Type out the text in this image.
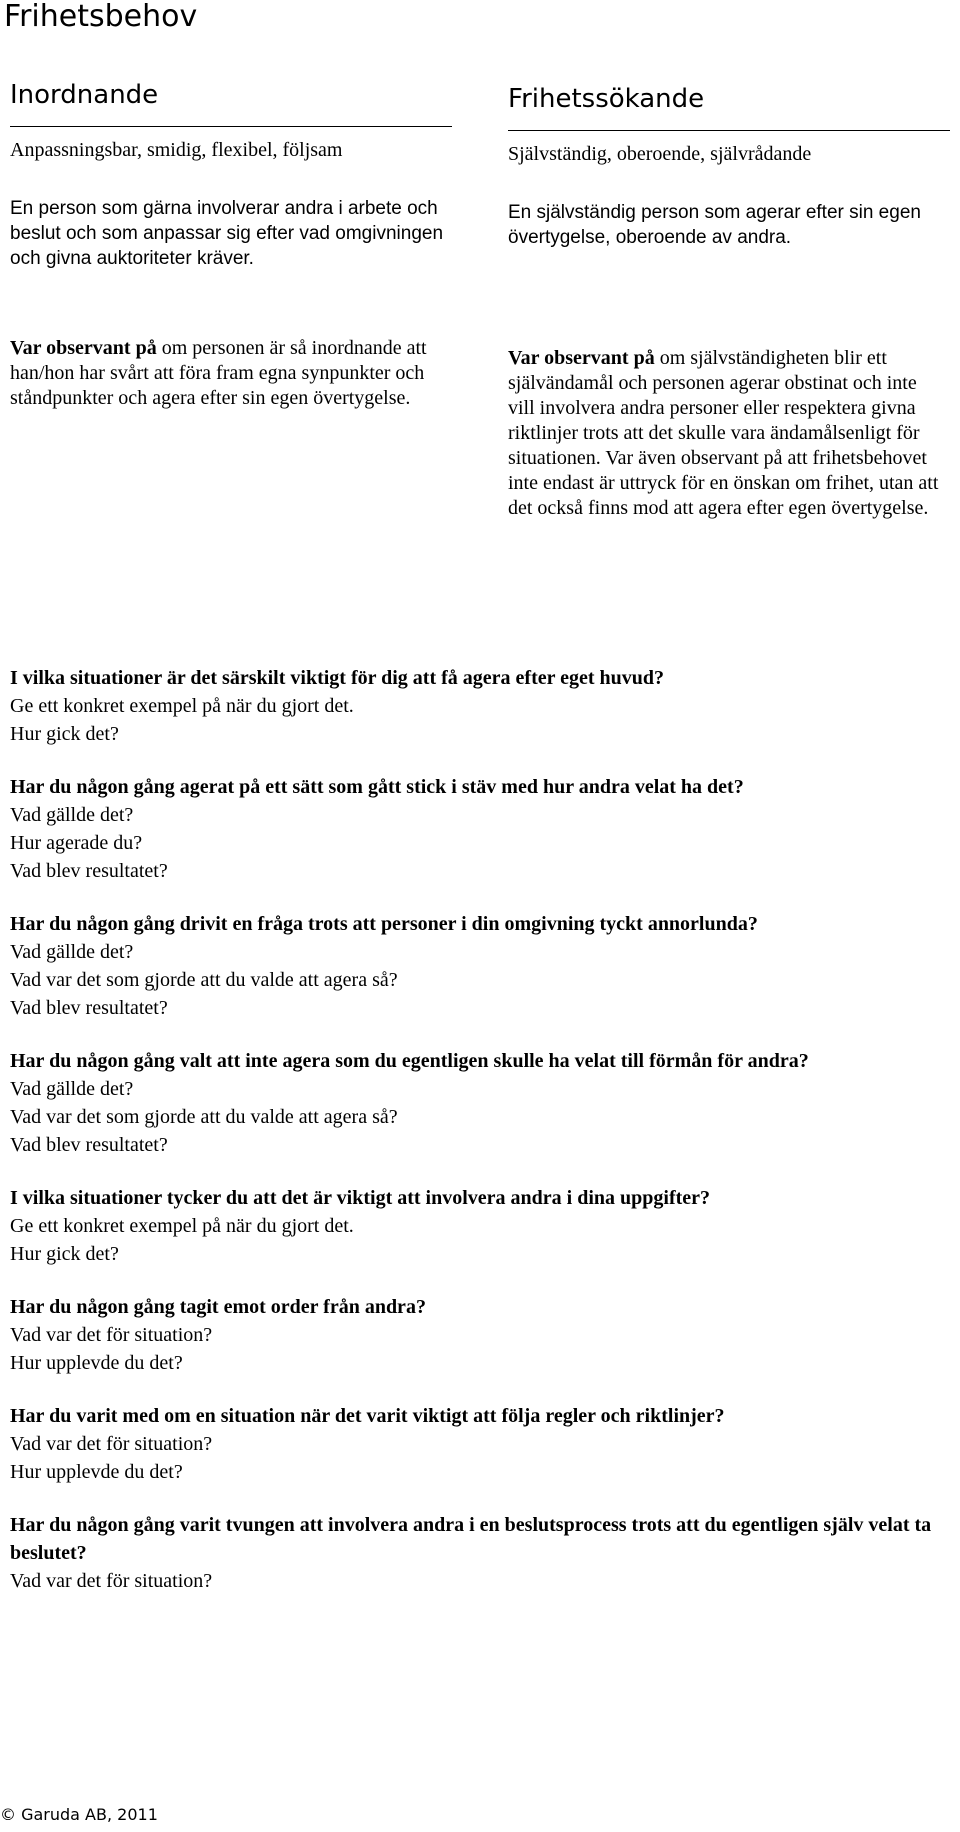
Frihetsbehov
Inordnande

Anpassningsbar, smidig, flexibel, följsam

En person som gärna involverar andra i arbete och beslut och som anpassar sig efter vad omgivningen och givna auktoriteter kräver.

Var observant på om personen är så inordnande att han/hon har svårt att föra fram egna synpunkter och ståndpunkter och agera efter sin egen övertygelse.

Frihetssökande

Självständig, oberoende, självrådande

En självständig person som agerar efter sin egen övertygelse, oberoende av andra.

Var observant på om självständigheten blir ett självändamål och personen agerar obstinat och inte vill involvera andra personer eller respektera givna riktlinjer trots att det skulle vara ändamålsenligt för situationen. Var även observant på att frihetsbehovet inte endast är uttryck för en önskan om frihet, utan att det också finns mod att agera efter egen övertygelse.

I vilka situationer är det särskilt viktigt för dig att få agera efter eget huvud?

Ge ett konkret exempel på när du gjort det.

Hur gick det?

Har du någon gång agerat på ett sätt som gått stick i stäv med hur andra velat ha det?

Vad gällde det?

Hur agerade du?

Vad blev resultatet?

Har du någon gång drivit en fråga trots att personer i din omgivning tyckt annorlunda?

Vad gällde det?

Vad var det som gjorde att du valde att agera så?

Vad blev resultatet?

Har du någon gång valt att inte agera som du egentligen skulle ha velat till förmån för andra?

Vad gällde det?

Vad var det som gjorde att du valde att agera så?

Vad blev resultatet?

I vilka situationer tycker du att det är viktigt att involvera andra i dina uppgifter?

Ge ett konkret exempel på när du gjort det.

Hur gick det?

Har du någon gång tagit emot order från andra?

Vad var det för situation?

Hur upplevde du det?

Har du varit med om en situation när det varit viktigt att följa regler och riktlinjer?

Vad var det för situation?

Hur upplevde du det?

Har du någon gång varit tvungen att involvera andra i en beslutsprocess trots att du egentligen själv velat ta beslutet?

Vad var det för situation?

© Garuda AB, 2011
